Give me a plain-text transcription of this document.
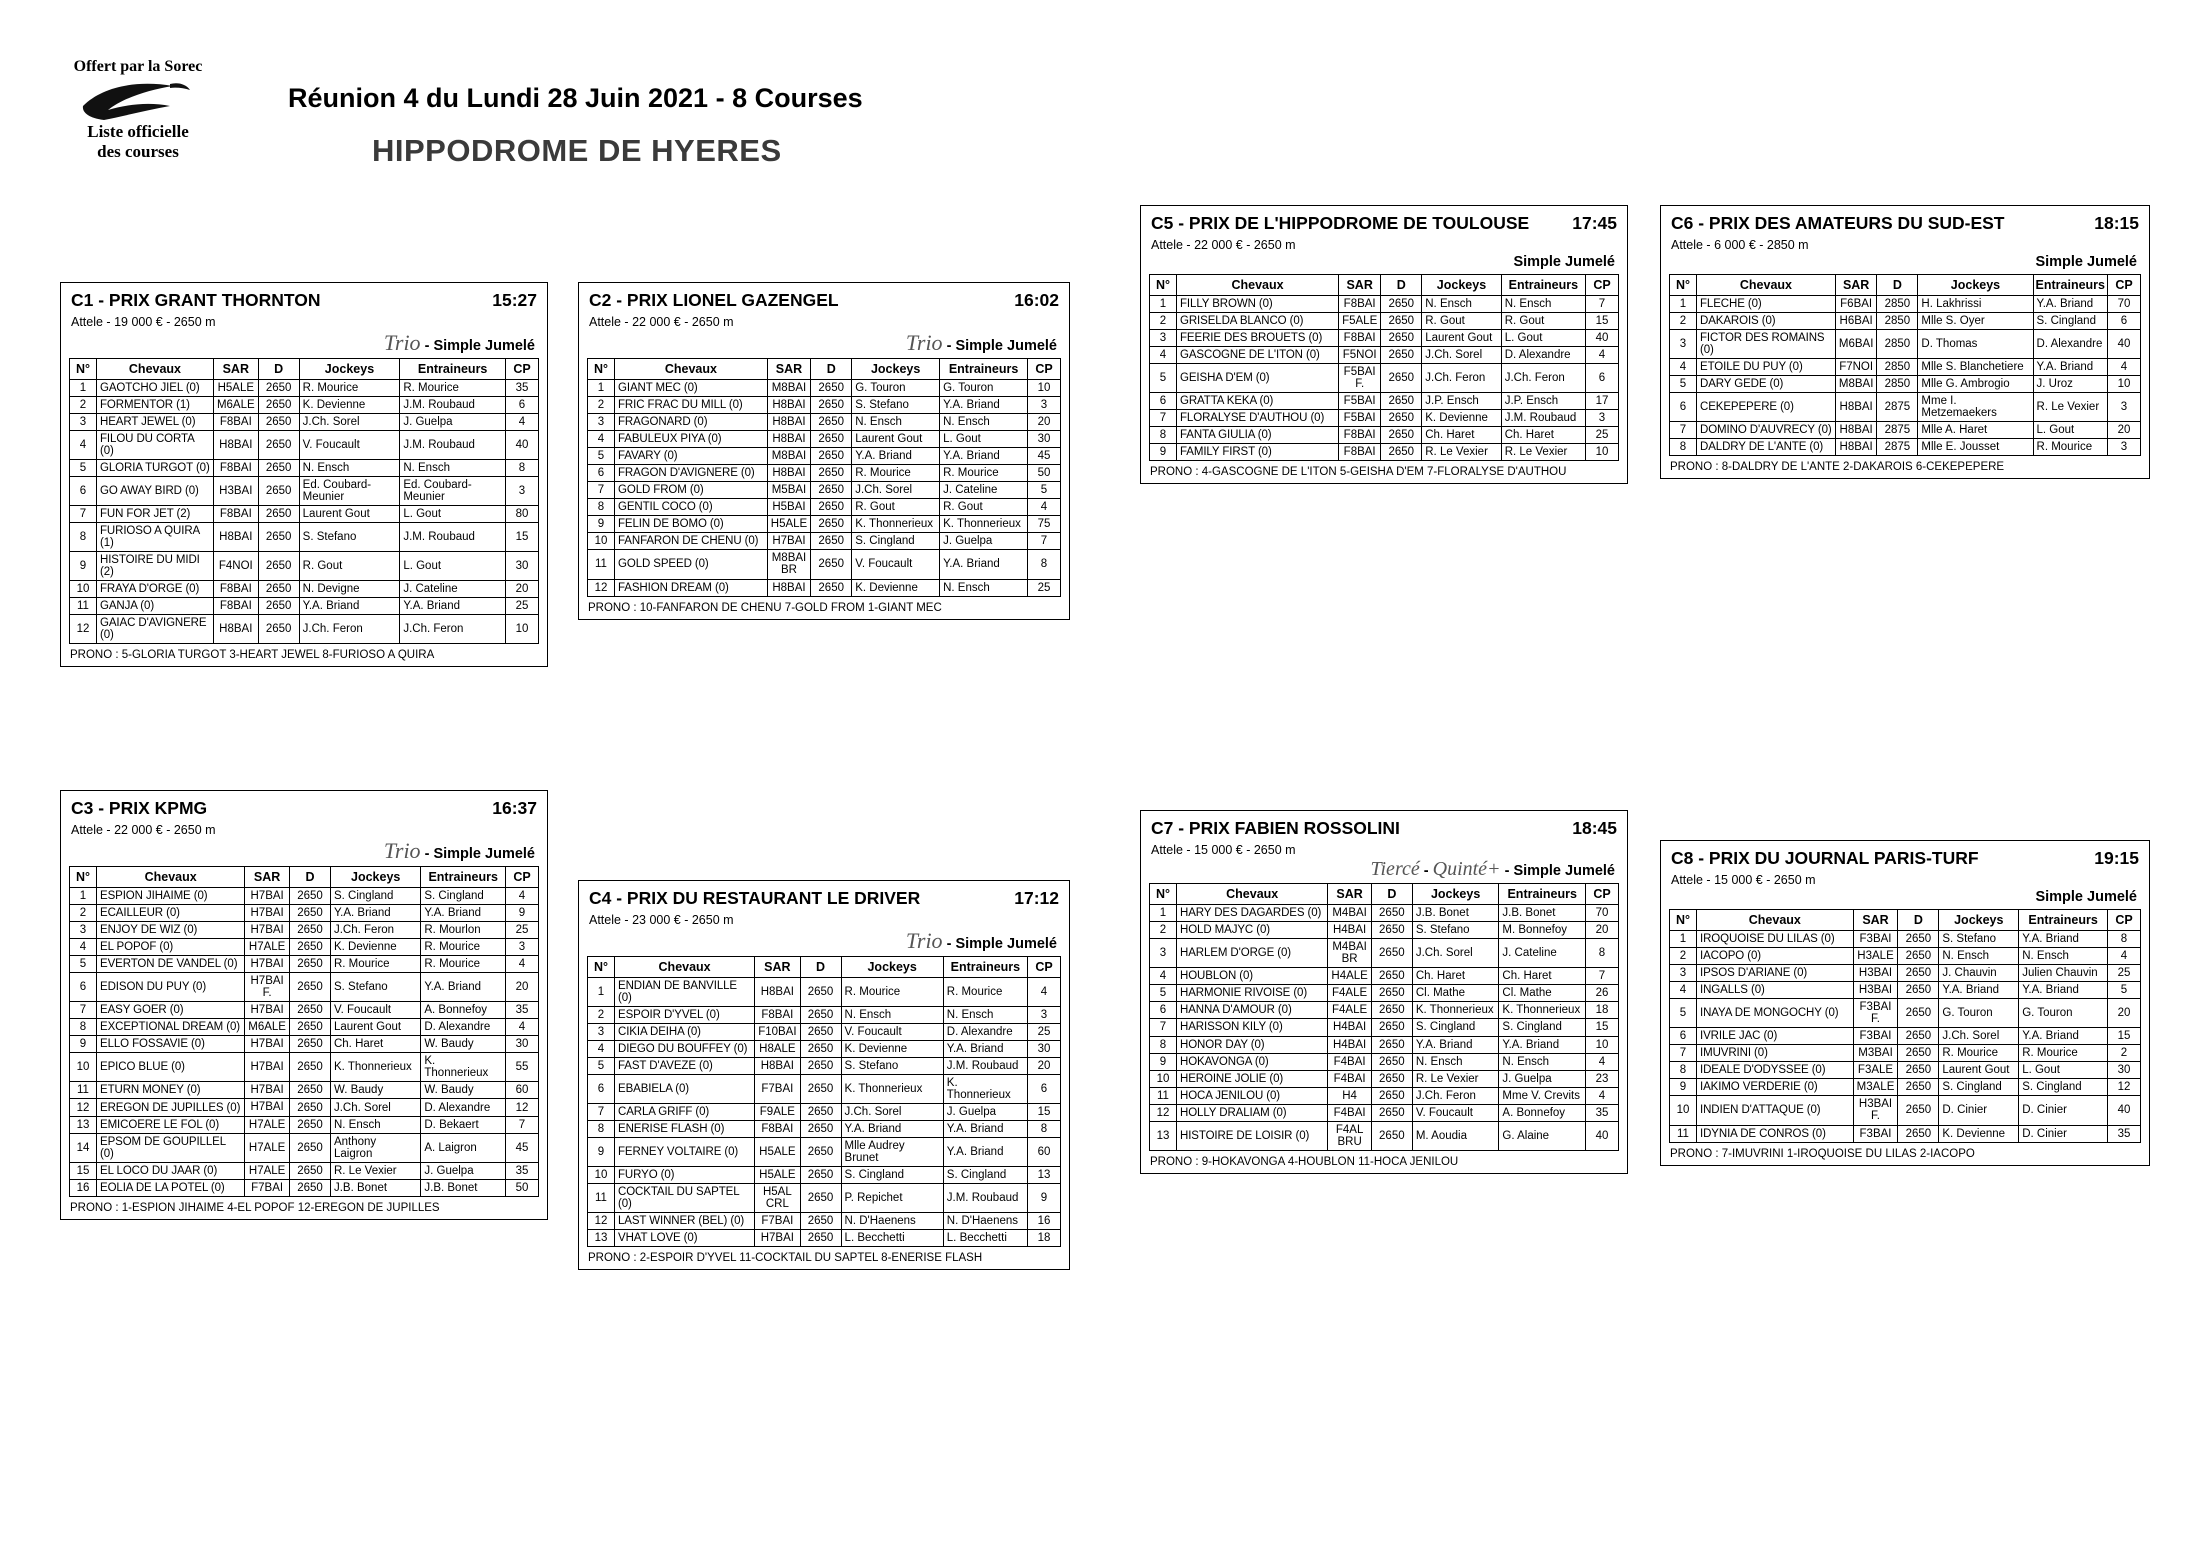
Offert par la Sorec
Liste officielle
des courses
Réunion 4 du Lundi 28 Juin 2021 - 8 Courses
HIPPODROME DE HYERES
C1 - PRIX GRANT THORNTON	15:27
Attele - 19 000 € - 2650 m
Trio - Simple Jumelé
N°	Chevaux	SAR	D	Jockeys	Entraineurs	CP
1	GAOTCHO JIEL (0)	H5ALE	2650	R. Mourice	R. Mourice	35
2	FORMENTOR (1)	M6ALE	2650	K. Devienne	J.M. Roubaud	6
3	HEART JEWEL (0)	F8BAI	2650	J.Ch. Sorel	J. Guelpa	4
4	FILOU DU CORTA (0)	H8BAI	2650	V. Foucault	J.M. Roubaud	40
5	GLORIA TURGOT (0)	F8BAI	2650	N. Ensch	N. Ensch	8
6	GO AWAY BIRD (0)	H3BAI	2650	Ed. Coubard-Meunier	Ed. Coubard-Meunier	3
7	FUN FOR JET (2)	F8BAI	2650	Laurent Gout	L. Gout	80
8	FURIOSO A QUIRA (1)	H8BAI	2650	S. Stefano	J.M. Roubaud	15
9	HISTOIRE DU MIDI (2)	F4NOI	2650	R. Gout	L. Gout	30
10	FRAYA D'ORGE (0)	F8BAI	2650	N. Devigne	J. Cateline	20
11	GANJA (0)	F8BAI	2650	Y.A. Briand	Y.A. Briand	25
12	GAIAC D'AVIGNERE (0)	H8BAI	2650	J.Ch. Feron	J.Ch. Feron	10
PRONO : 5-GLORIA TURGOT 3-HEART JEWEL 8-FURIOSO A QUIRA
C2 - PRIX LIONEL GAZENGEL	16:02
Attele - 22 000 € - 2650 m
Trio - Simple Jumelé
N°	Chevaux	SAR	D	Jockeys	Entraineurs	CP
1	GIANT MEC (0)	M8BAI	2650	G. Touron	G. Touron	10
2	FRIC FRAC DU MILL (0)	H8BAI	2650	S. Stefano	Y.A. Briand	3
3	FRAGONARD (0)	H8BAI	2650	N. Ensch	N. Ensch	20
4	FABULEUX PIYA (0)	H8BAI	2650	Laurent Gout	L. Gout	30
5	FAVARY (0)	M8BAI	2650	Y.A. Briand	Y.A. Briand	45
6	FRAGON D'AVIGNERE (0)	H8BAI	2650	R. Mourice	R. Mourice	50
7	GOLD FROM (0)	M5BAI	2650	J.Ch. Sorel	J. Cateline	5
8	GENTIL COCO (0)	H5BAI	2650	R. Gout	R. Gout	4
9	FELIN DE BOMO (0)	H5ALE	2650	K. Thonnerieux	K. Thonnerieux	75
10	FANFARON DE CHENU (0)	H7BAI	2650	S. Cingland	J. Guelpa	7
11	GOLD SPEED (0)	M8BAI BR	2650	V. Foucault	Y.A. Briand	8
12	FASHION DREAM (0)	H8BAI	2650	K. Devienne	N. Ensch	25
PRONO : 10-FANFARON DE CHENU 7-GOLD FROM 1-GIANT MEC
C3 - PRIX KPMG	16:37
Attele - 22 000 € - 2650 m
Trio - Simple Jumelé
N°	Chevaux	SAR	D	Jockeys	Entraineurs	CP
1	ESPION JIHAIME (0)	H7BAI	2650	S. Cingland	S. Cingland	4
2	ECAILLEUR (0)	H7BAI	2650	Y.A. Briand	Y.A. Briand	9
3	ENJOY DE WIZ (0)	H7BAI	2650	J.Ch. Feron	R. Mourlon	25
4	EL POPOF (0)	H7ALE	2650	K. Devienne	R. Mourice	3
5	EVERTON DE VANDEL (0)	H7BAI	2650	R. Mourice	R. Mourice	4
6	EDISON DU PUY (0)	H7BAI F.	2650	S. Stefano	Y.A. Briand	20
7	EASY GOER (0)	H7BAI	2650	V. Foucault	A. Bonnefoy	35
8	EXCEPTIONAL DREAM (0)	M6ALE	2650	Laurent Gout	D. Alexandre	4
9	ELLO FOSSAVIE (0)	H7BAI	2650	Ch. Haret	W. Baudy	30
10	EPICO BLUE (0)	H7BAI	2650	K. Thonnerieux	K. Thonnerieux	55
11	ETURN MONEY (0)	H7BAI	2650	W. Baudy	W. Baudy	60
12	EREGON DE JUPILLES (0)	H7BAI	2650	J.Ch. Sorel	D. Alexandre	12
13	EMICOERE LE FOL (0)	H7ALE	2650	N. Ensch	D. Bekaert	7
14	EPSOM DE GOUPILLEL (0)	H7ALE	2650	Anthony Laigron	A. Laigron	45
15	EL LOCO DU JAAR (0)	H7ALE	2650	R. Le Vexier	J. Guelpa	35
16	EOLIA DE LA POTEL (0)	F7BAI	2650	J.B. Bonet	J.B. Bonet	50
PRONO : 1-ESPION JIHAIME 4-EL POPOF 12-EREGON DE JUPILLES
C4 - PRIX DU RESTAURANT LE DRIVER	17:12
Attele - 23 000 € - 2650 m
Trio - Simple Jumelé
N°	Chevaux	SAR	D	Jockeys	Entraineurs	CP
1	ENDIAN DE BANVILLE (0)	H8BAI	2650	R. Mourice	R. Mourice	4
2	ESPOIR D'YVEL (0)	F8BAI	2650	N. Ensch	N. Ensch	3
3	CIKIA DEIHA (0)	F10BAI	2650	V. Foucault	D. Alexandre	25
4	DIEGO DU BOUFFEY (0)	H8ALE	2650	K. Devienne	Y.A. Briand	30
5	FAST D'AVEZE (0)	H8BAI	2650	S. Stefano	J.M. Roubaud	20
6	EBABIELA (0)	F7BAI	2650	K. Thonnerieux	K. Thonnerieux	6
7	CARLA GRIFF (0)	F9ALE	2650	J.Ch. Sorel	J. Guelpa	15
8	ENERISE FLASH (0)	F8BAI	2650	Y.A. Briand	Y.A. Briand	8
9	FERNEY VOLTAIRE (0)	H5ALE	2650	Mlle Audrey Brunet	Y.A. Briand	60
10	FURYO (0)	H5ALE	2650	S. Cingland	S. Cingland	13
11	COCKTAIL DU SAPTEL (0)	H5AL CRL	2650	P. Repichet	J.M. Roubaud	9
12	LAST WINNER (BEL) (0)	F7BAI	2650	N. D'Haenens	N. D'Haenens	16
13	VHAT LOVE (0)	H7BAI	2650	L. Becchetti	L. Becchetti	18
PRONO : 2-ESPOIR D'YVEL 11-COCKTAIL DU SAPTEL 8-ENERISE FLASH
C5 - PRIX DE L'HIPPODROME DE TOULOUSE 17:45
Attele - 22 000 € - 2650 m
Simple Jumelé
N°	Chevaux	SAR	D	Jockeys	Entraineurs	CP
1	FILLY BROWN (0)	F8BAI	2650	N. Ensch	N. Ensch	7
2	GRISELDA BLANCO (0)	F5ALE	2650	R. Gout	R. Gout	15
3	FEERIE DES BROUETS (0)	F8BAI	2650	Laurent Gout	L. Gout	40
4	GASCOGNE DE L'ITON (0)	F5NOI	2650	J.Ch. Sorel	D. Alexandre	4
5	GEISHA D'EM (0)	F5BAI F.	2650	J.Ch. Feron	J.Ch. Feron	6
6	GRATTA KEKA (0)	F5BAI	2650	J.P. Ensch	J.P. Ensch	17
7	FLORALYSE D'AUTHOU (0)	F5BAI	2650	K. Devienne	J.M. Roubaud	3
8	FANTA GIULIA (0)	F8BAI	2650	Ch. Haret	Ch. Haret	25
9	FAMILY FIRST (0)	F8BAI	2650	R. Le Vexier	R. Le Vexier	10
PRONO : 4-GASCOGNE DE L'ITON 5-GEISHA D'EM 7-FLORALYSE D'AUTHOU
C6 - PRIX DES AMATEURS DU SUD-EST	18:15
Attele - 6 000 € - 2850 m
Simple Jumelé
N°	Chevaux	SAR	D	Jockeys	Entraineurs	CP
1	FLECHE (0)	F6BAI	2850	H. Lakhrissi	Y.A. Briand	70
2	DAKAROIS (0)	H6BAI	2850	Mlle S. Oyer	S. Cingland	6
3	FICTOR DES ROMAINS (0)	M6BAI	2850	D. Thomas	D. Alexandre	40
4	ETOILE DU PUY (0)	F7NOI	2850	Mlle S. Blanchetiere	Y.A. Briand	4
5	DARY GEDE (0)	M8BAI	2850	Mlle G. Ambrogio	J. Uroz	10
6	CEKEPEPERE (0)	H8BAI	2875	Mme I. Metzemaekers	R. Le Vexier	3
7	DOMINO D'AUVRECY (0)	H8BAI	2875	Mlle A. Haret	L. Gout	20
8	DALDRY DE L'ANTE (0)	H8BAI	2875	Mlle E. Jousset	R. Mourice	3
PRONO : 8-DALDRY DE L'ANTE 2-DAKAROIS 6-CEKEPEPERE
C7 - PRIX FABIEN ROSSOLINI	18:45
Attele - 15 000 € - 2650 m
Tiercé - Quinté+ - Simple Jumelé
N°	Chevaux	SAR	D	Jockeys	Entraineurs	CP
1	HARY DES DAGARDES (0)	M4BAI	2650	J.B. Bonet	J.B. Bonet	70
2	HOLD MAJYC (0)	H4BAI	2650	S. Stefano	M. Bonnefoy	20
3	HARLEM D'ORGE (0)	M4BAI BR	2650	J.Ch. Sorel	J. Cateline	8
4	HOUBLON (0)	H4ALE	2650	Ch. Haret	Ch. Haret	7
5	HARMONIE RIVOISE (0)	F4ALE	2650	Cl. Mathe	Cl. Mathe	26
6	HANNA D'AMOUR (0)	F4ALE	2650	K. Thonnerieux	K. Thonnerieux	18
7	HARISSON KILY (0)	H4BAI	2650	S. Cingland	S. Cingland	15
8	HONOR DAY (0)	H4BAI	2650	Y.A. Briand	Y.A. Briand	10
9	HOKAVONGA (0)	F4BAI	2650	N. Ensch	N. Ensch	4
10	HEROINE JOLIE (0)	F4BAI	2650	R. Le Vexier	J. Guelpa	23
11	HOCA JENILOU (0)	H4	2650	J.Ch. Feron	Mme V. Crevits	4
12	HOLLY DRALIAM (0)	F4BAI	2650	V. Foucault	A. Bonnefoy	35
13	HISTOIRE DE LOISIR (0)	F4AL BRU	2650	M. Aoudia	G. Alaine	40
PRONO : 9-HOKAVONGA 4-HOUBLON 11-HOCA JENILOU
C8 - PRIX DU JOURNAL PARIS-TURF	19:15
Attele - 15 000 € - 2650 m
Simple Jumelé
N°	Chevaux	SAR	D	Jockeys	Entraineurs	CP
1	IROQUOISE DU LILAS (0)	F3BAI	2650	S. Stefano	Y.A. Briand	8
2	IACOPO (0)	H3ALE	2650	N. Ensch	N. Ensch	4
3	IPSOS D'ARIANE (0)	H3BAI	2650	J. Chauvin	Julien Chauvin	25
4	INGALLS (0)	H3BAI	2650	Y.A. Briand	Y.A. Briand	5
5	INAYA DE MONGOCHY (0)	F3BAI F.	2650	G. Touron	G. Touron	20
6	IVRILE JAC (0)	F3BAI	2650	J.Ch. Sorel	Y.A. Briand	15
7	IMUVRINI (0)	M3BAI	2650	R. Mourice	R. Mourice	2
8	IDEALE D'ODYSSEE (0)	F3ALE	2650	Laurent Gout	L. Gout	30
9	IAKIMO VERDERIE (0)	M3ALE	2650	S. Cingland	S. Cingland	12
10	INDIEN D'ATTAQUE (0)	H3BAI F.	2650	D. Cinier	D. Cinier	40
11	IDYNIA DE CONROS (0)	F3BAI	2650	K. Devienne	D. Cinier	35
PRONO : 7-IMUVRINI 1-IROQUOISE DU LILAS 2-IACOPO
